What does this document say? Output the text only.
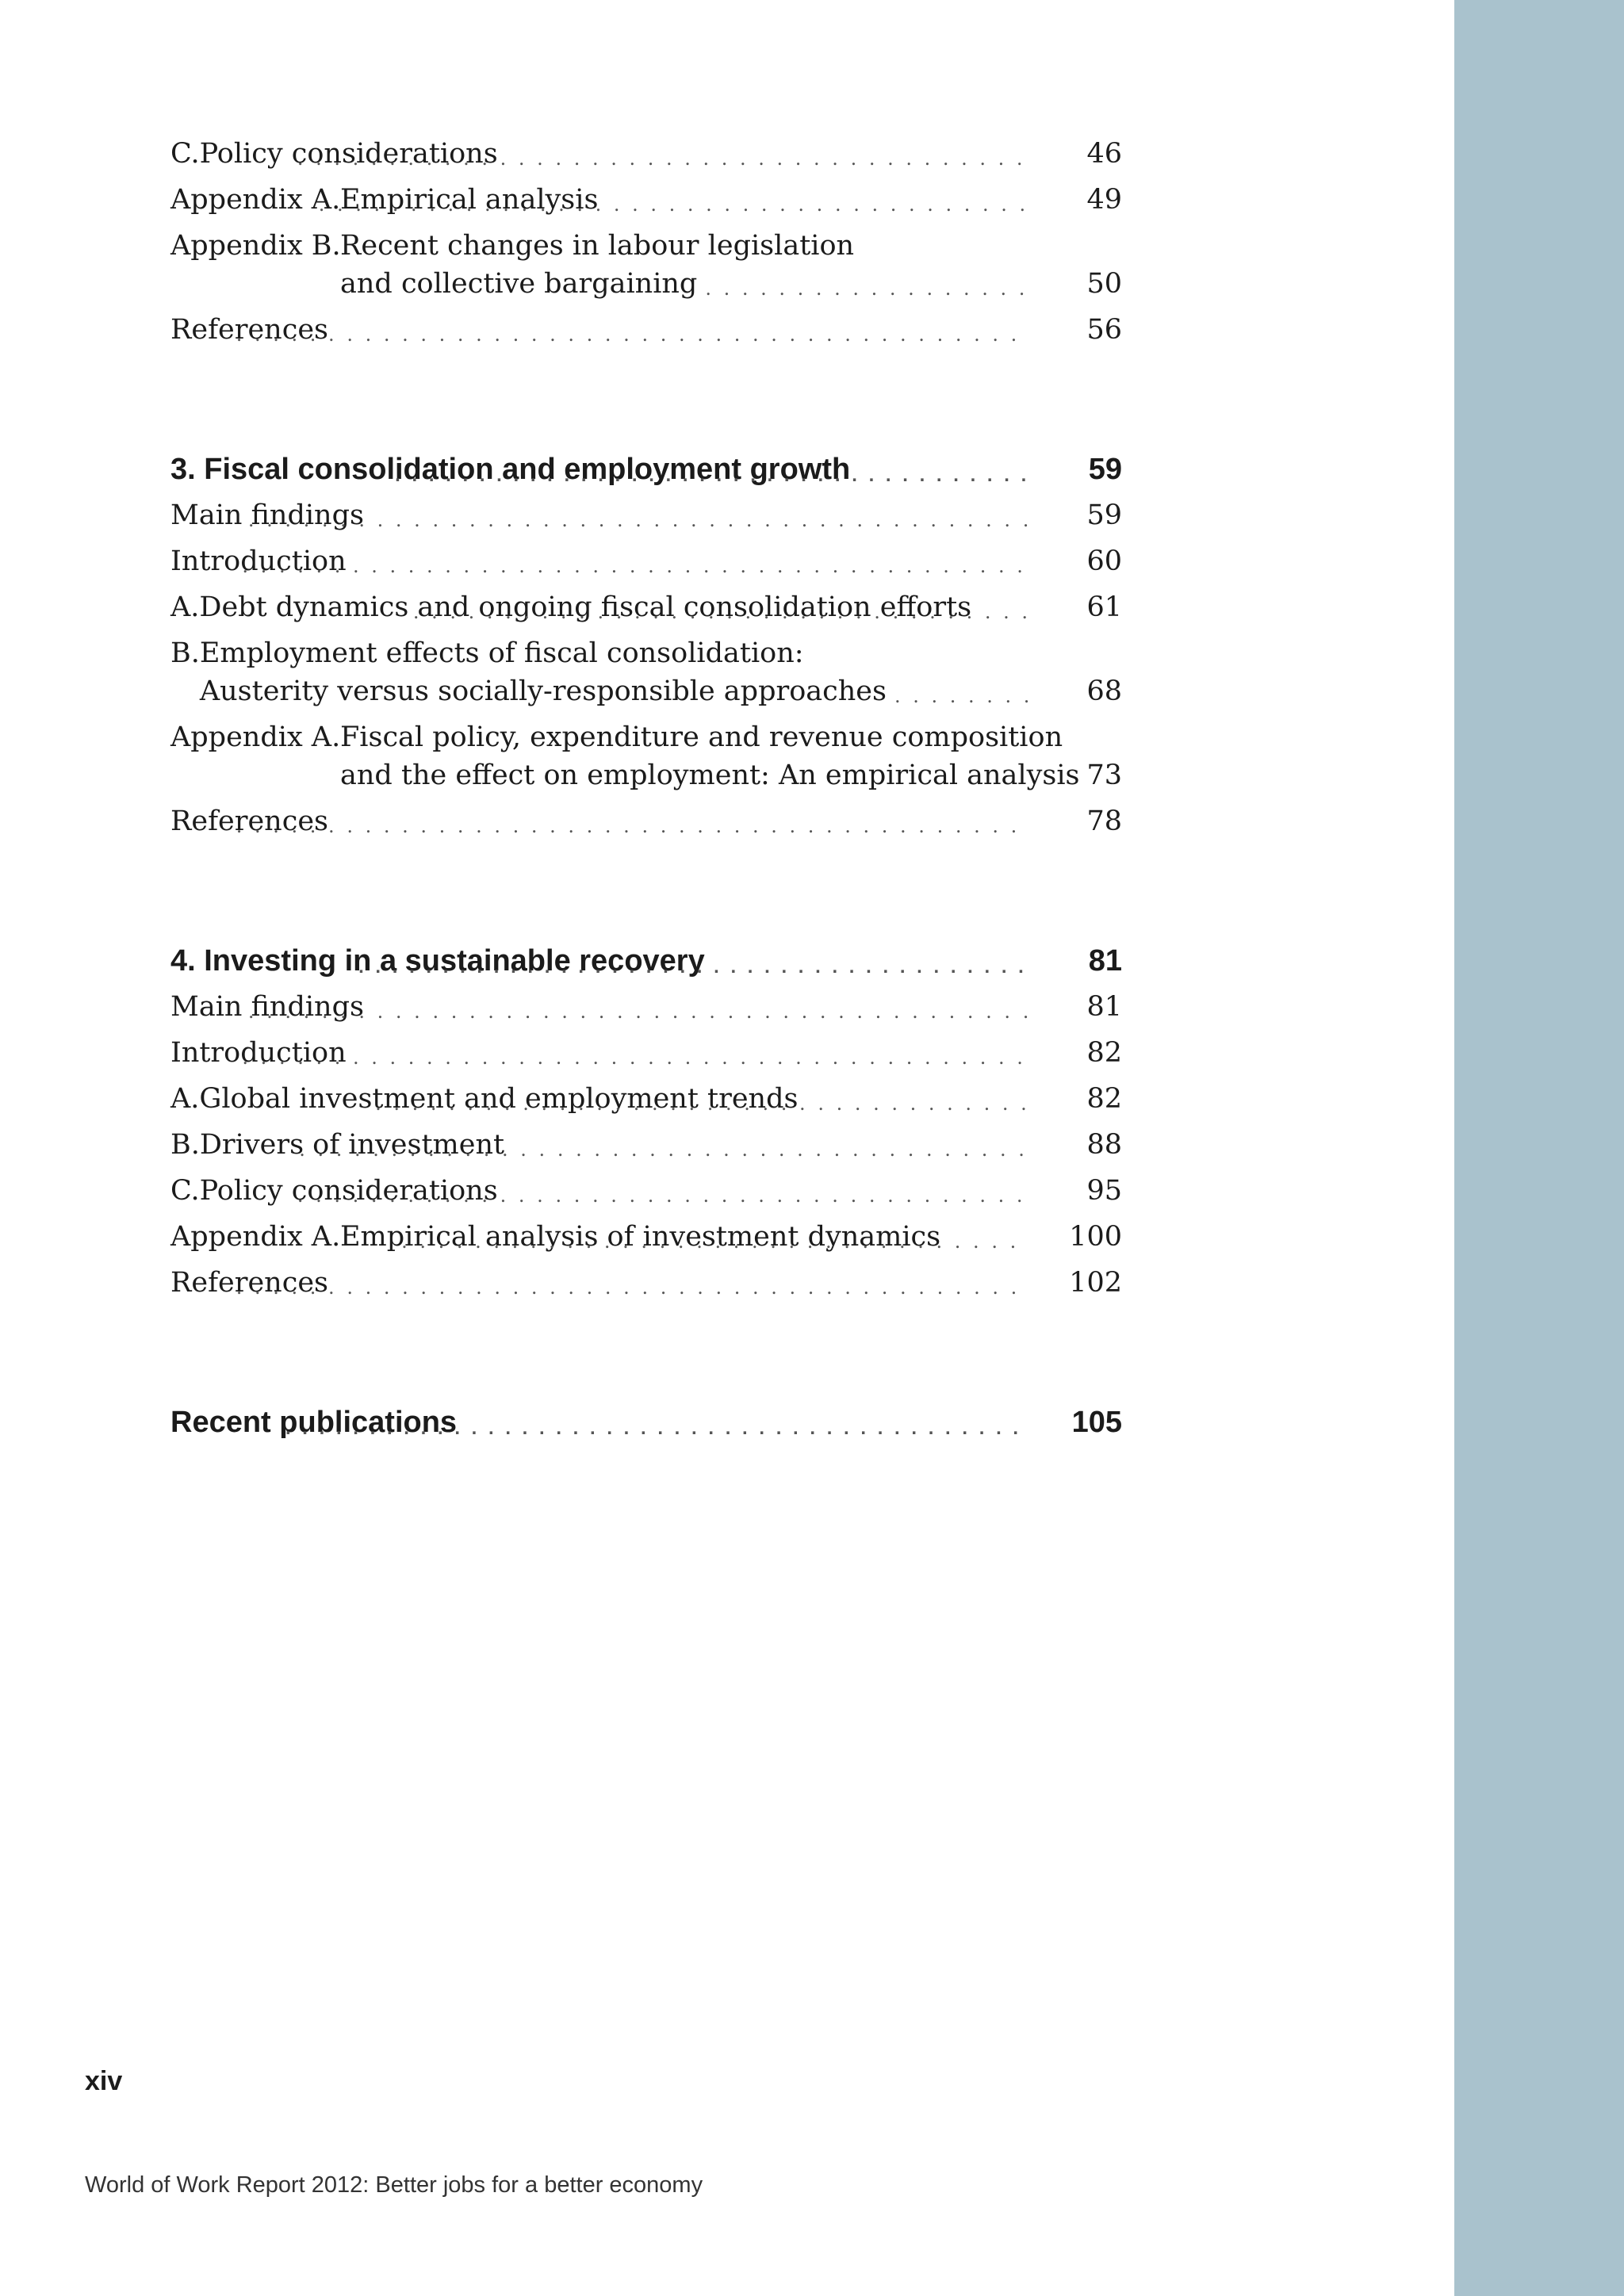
C. Policy considerations . . .	46
Appendix A. Empirical analysis . . .	49
Appendix B. Recent changes in labour legislation
and collective bargaining . . .	50
References . . .	56
3. Fiscal consolidation and employment growth . . .	59
Main findings . . .	59
Introduction . . .	60
A. Debt dynamics and ongoing fiscal consolidation efforts . . .	61
B. Employment effects of fiscal consolidation:
Austerity versus socially-responsible approaches . . .	68
Appendix A. Fiscal policy, expenditure and revenue composition
and the effect on employment: An empirical analysis 73
References . . .	78
4. Investing in a sustainable recovery . . .	81
Main findings . . .	81
Introduction . . .	82
A. Global investment and employment trends . . .	82
B. Drivers of investment . . .	88
C. Policy considerations . . .	95
Appendix A. Empirical analysis of investment dynamics . . .	100
References . . .	102
Recent publications . . .	105
xiv
World of Work Report 2012: Better jobs for a better economy
